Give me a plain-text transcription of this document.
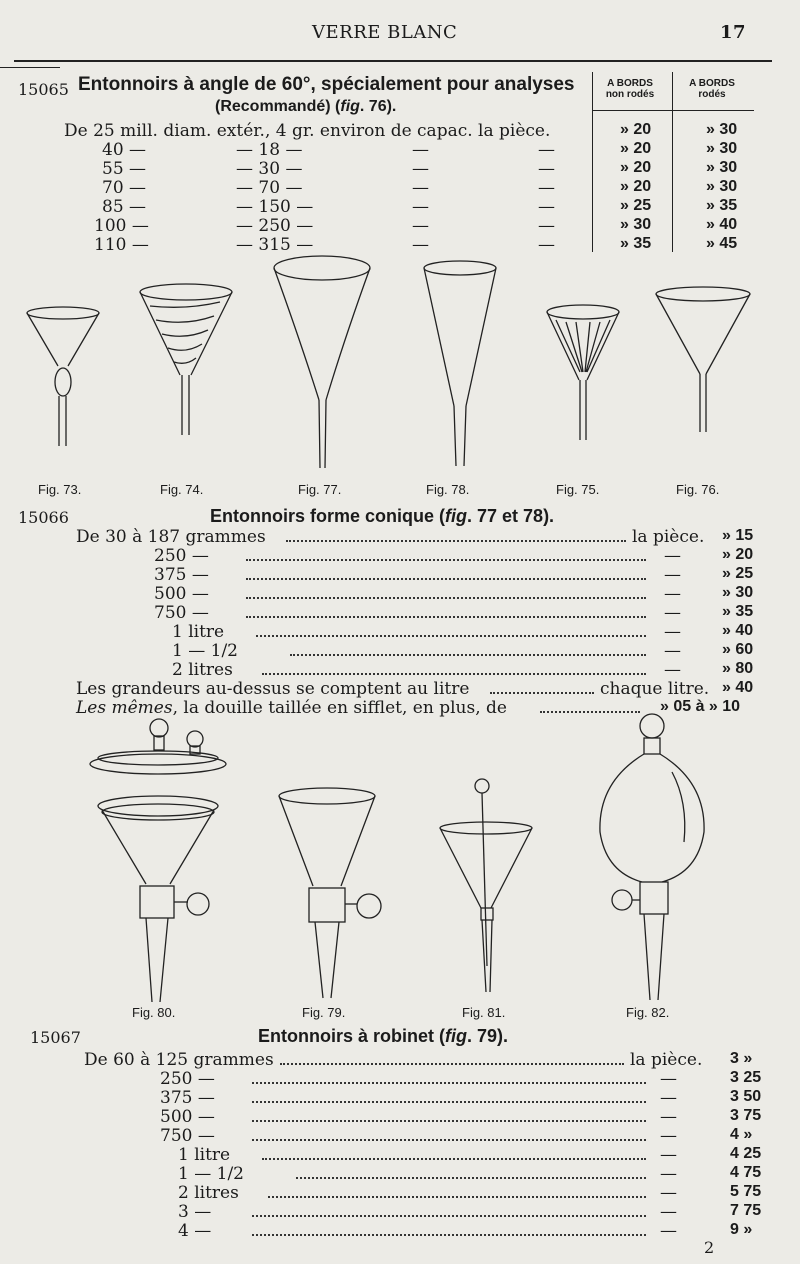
VERRE BLANC	17
15065 Entonnoirs à angle de 60°, spécialement pour analyses
(Recommandé) (fig. 76).
A BORDS non rodés
A BORDS rodés
De 25 mill. diam. extér., 4 gr. environ de capac. la pièce.	» 20	» 30
40 —	— 18 —	—	—	» 20	» 30
55 —	— 30 —	—	—	» 20	» 30
70 —	— 70 —	—	—	» 20	» 30
85 —	— 150 —	—	—	» 25	» 35
100 —	— 250 —	—	—	» 30	» 40
110 —	— 315 —	—	—	» 35	» 45
Fig. 73.	Fig. 74.	Fig. 77.	Fig. 78.	Fig. 75.	Fig. 76.
15066	Entonnoirs forme conique (fig. 77 et 78).
De 30 à 187 grammes	la pièce. » 15
250 —	—	» 20
375 —	—	» 25
500 —	—	» 30
750 —	—	» 35
1 litre	—	» 40
1 — 1/2	—	» 60
2 litres	—	» 80
Les grandeurs au-dessus se comptent au litre	chaque litre. » 40
Les mêmes, la douille taillée en sifflet, en plus, de	» 05 à » 10
Fig. 80.	Fig. 79.	Fig. 81.	Fig. 82.
15067	Entonnoirs à robinet (fig. 79).
De 60 à 125 grammes	la pièce. 3 »
250 —	—	3 25
375 —	—	3 50
500 —	—	3 75
750 —	—	4 »
1 litre	—	4 25
1 — 1/2	—	4 75
2 litres	—	5 75
3 —	—	7 75
4 —	—	9 »
2
